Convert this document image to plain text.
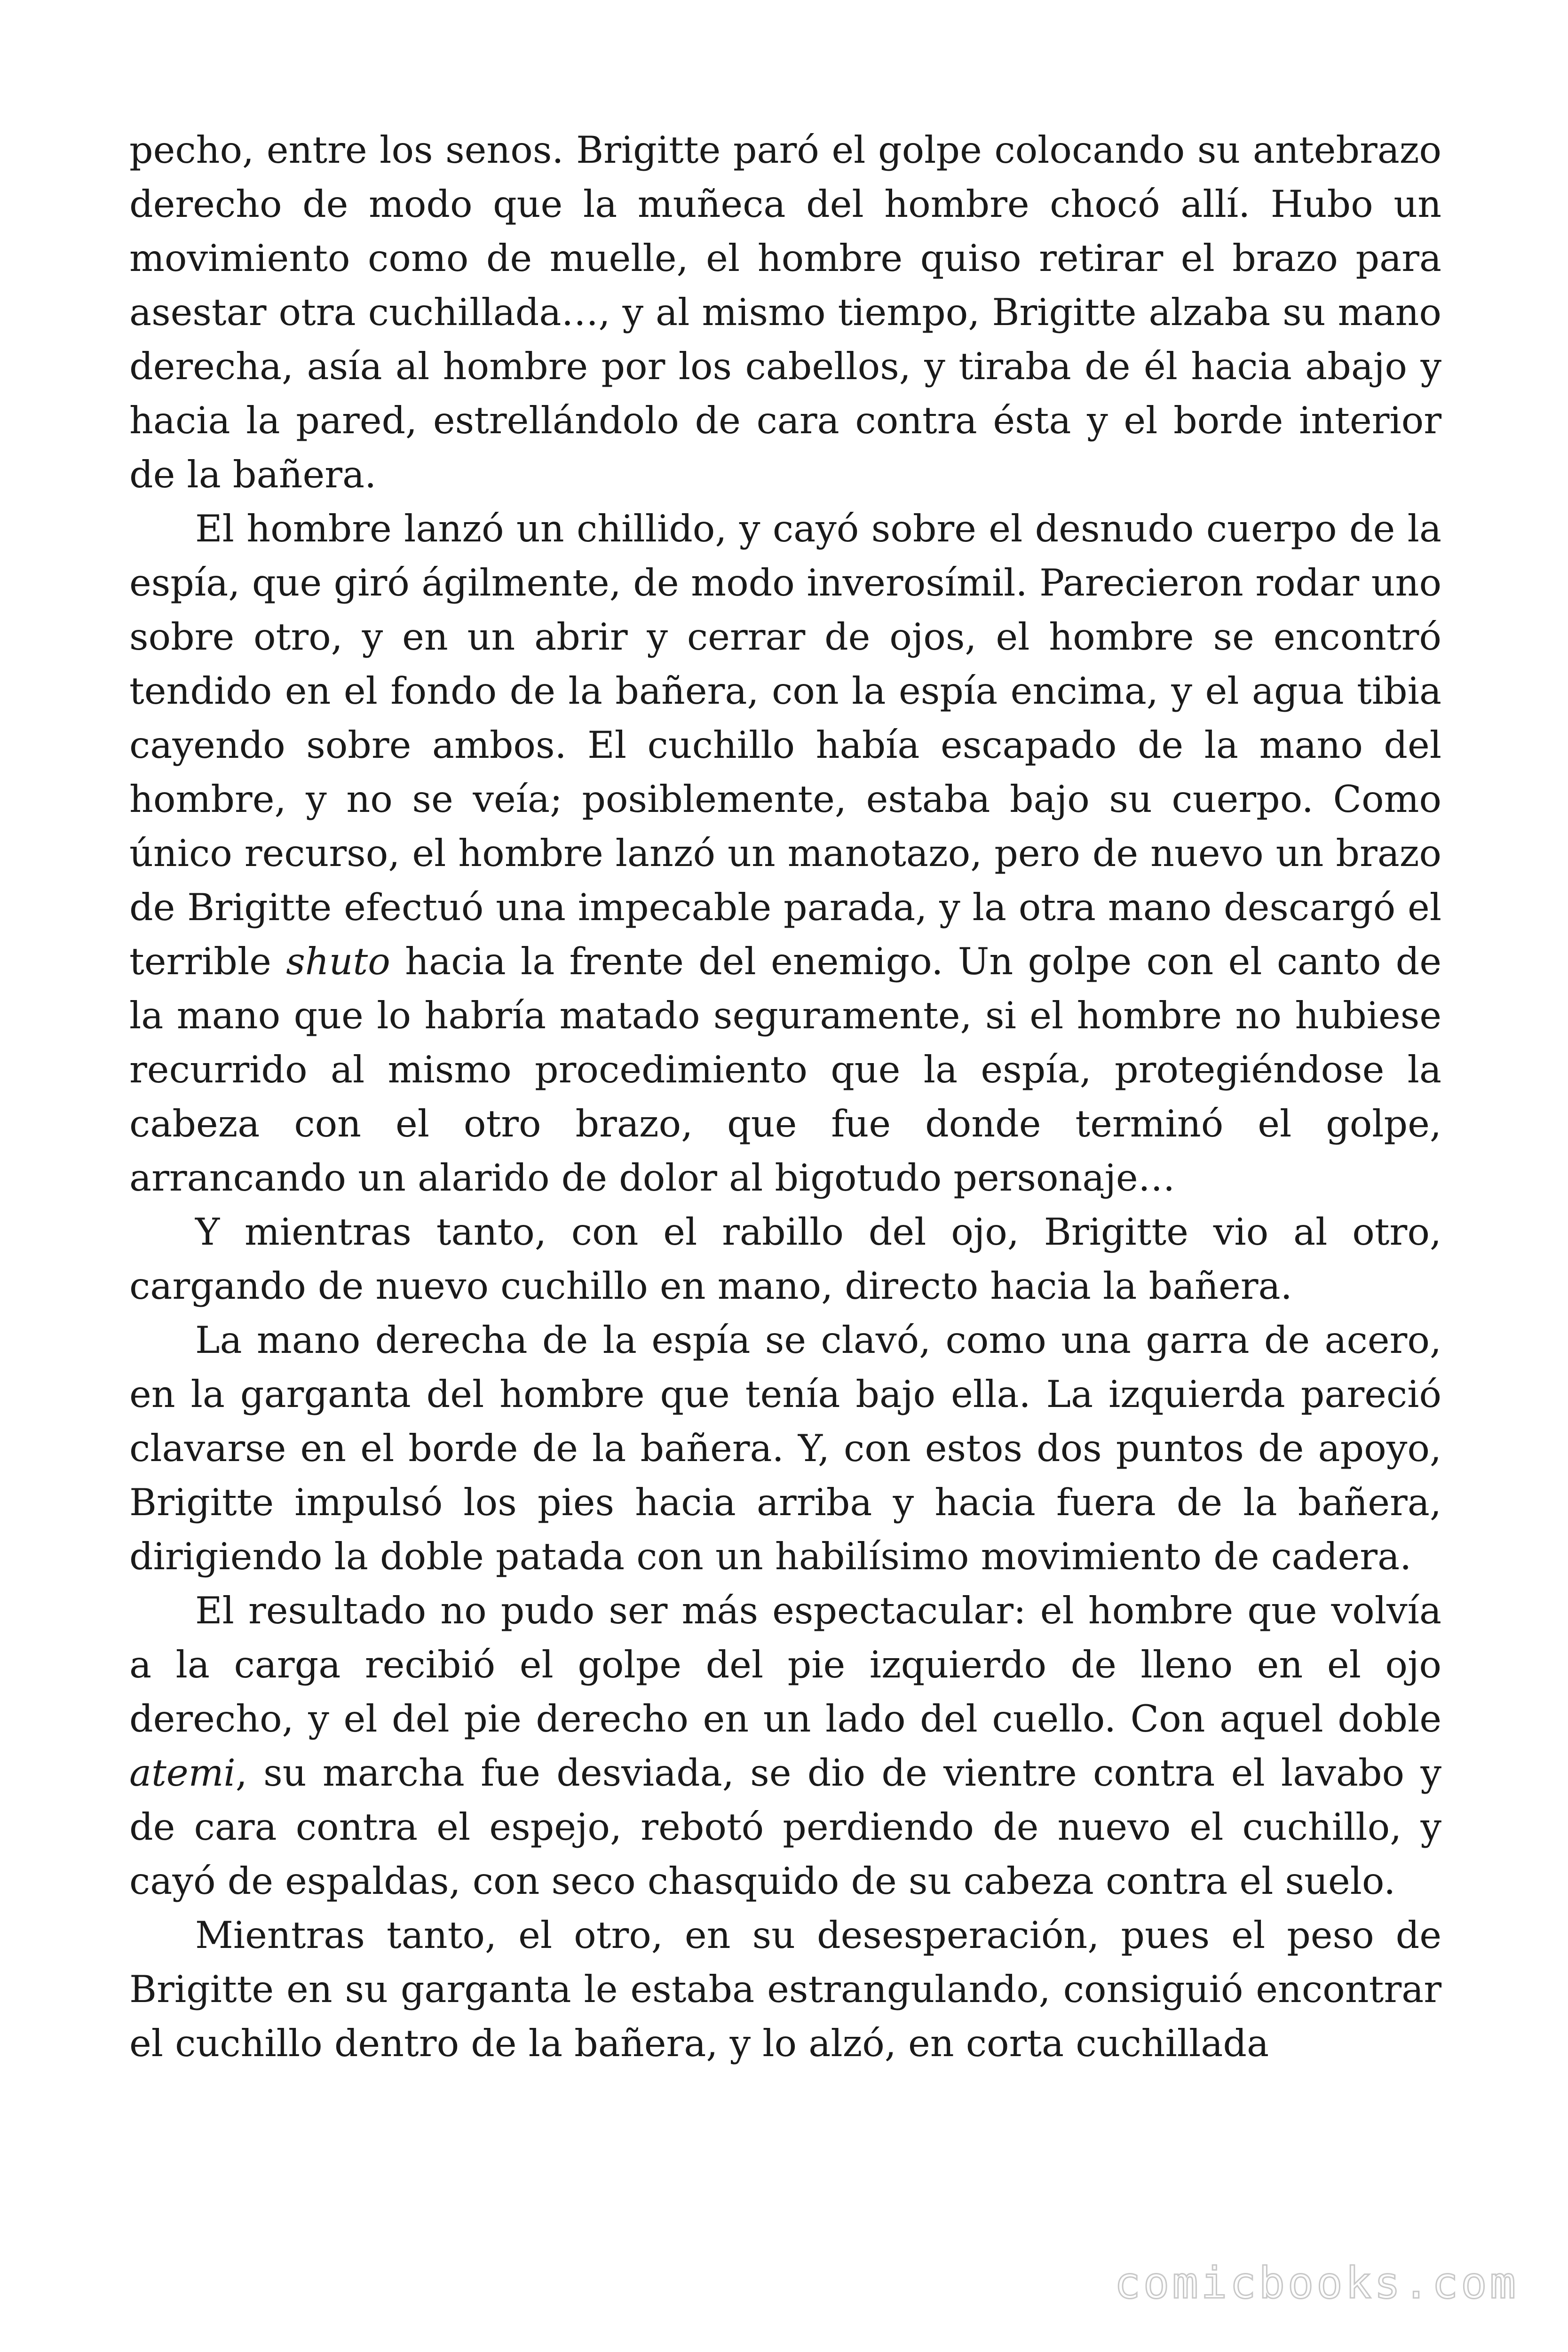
pecho, entre los senos. Brigitte paró el golpe colocando su antebrazo derecho de modo que la muñeca del hombre chocó allí. Hubo un movimiento como de muelle, el hombre quiso retirar el brazo para asestar otra cuchillada…, y al mismo tiempo, Brigitte alzaba su mano derecha, asía al hombre por los cabellos, y tiraba de él hacia abajo y hacia la pared, estrellándolo de cara contra ésta y el borde interior de la bañera.

El hombre lanzó un chillido, y cayó sobre el desnudo cuerpo de la espía, que giró ágilmente, de modo inverosímil. Parecieron rodar uno sobre otro, y en un abrir y cerrar de ojos, el hombre se encontró tendido en el fondo de la bañera, con la espía encima, y el agua tibia cayendo sobre ambos. El cuchillo había escapado de la mano del hombre, y no se veía; posiblemente, estaba bajo su cuerpo. Como único recurso, el hombre lanzó un manotazo, pero de nuevo un brazo de Brigitte efectuó una impecable parada, y la otra mano descargó el terrible shuto hacia la frente del enemigo. Un golpe con el canto de la mano que lo habría matado seguramente, si el hombre no hubiese recurrido al mismo procedimiento que la espía, protegiéndose la cabeza con el otro brazo, que fue donde terminó el golpe, arrancando un alarido de dolor al bigotudo personaje…

Y mientras tanto, con el rabillo del ojo, Brigitte vio al otro, cargando de nuevo cuchillo en mano, directo hacia la bañera.

La mano derecha de la espía se clavó, como una garra de acero, en la garganta del hombre que tenía bajo ella. La izquierda pareció clavarse en el borde de la bañera. Y, con estos dos puntos de apoyo, Brigitte impulsó los pies hacia arriba y hacia fuera de la bañera, dirigiendo la doble patada con un habilísimo movimiento de cadera.

El resultado no pudo ser más espectacular: el hombre que volvía a la carga recibió el golpe del pie izquierdo de lleno en el ojo derecho, y el del pie derecho en un lado del cuello. Con aquel doble atemi, su marcha fue desviada, se dio de vientre contra el lavabo y de cara contra el espejo, rebotó perdiendo de nuevo el cuchillo, y cayó de espaldas, con seco chasquido de su cabeza contra el suelo.

Mientras tanto, el otro, en su desesperación, pues el peso de Brigitte en su garganta le estaba estrangulando, consiguió encontrar el cuchillo dentro de la bañera, y lo alzó, en corta cuchillada

comicbooks.com
